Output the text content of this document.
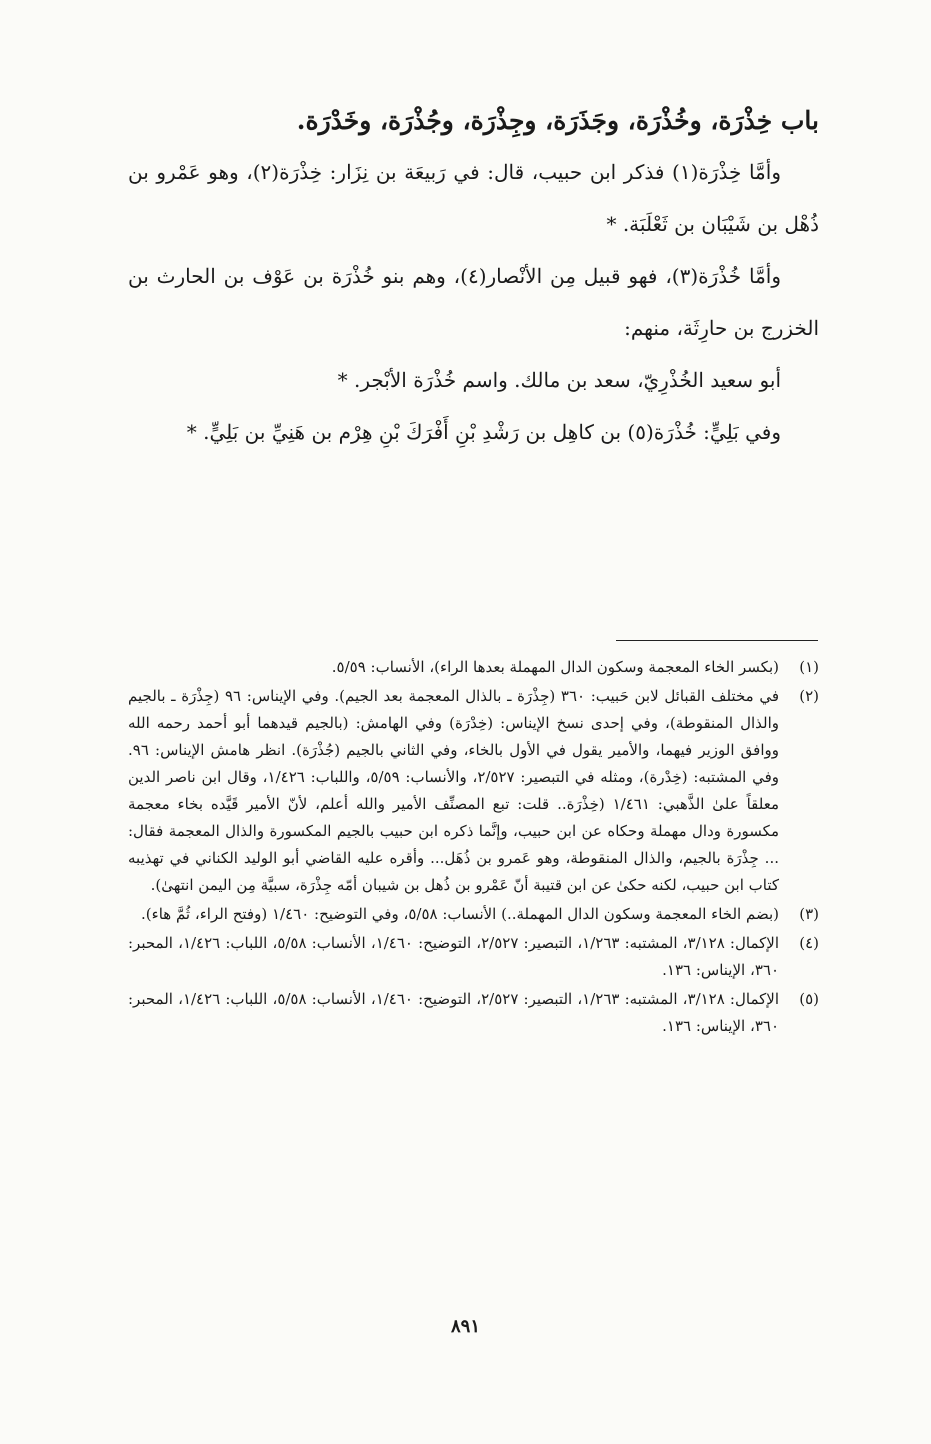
باب خِذْرَة، وخُذْرَة، وجَذَرَة، وجِذْرَة، وجُذْرَة، وخَدْرَة.

وأمَّا خِذْرَة(١) فذكر ابن حبيب، قال: في رَبيعَة بن نِزَار: خِذْرَة(٢)، وهو عَمْرو بن ذُهْل بن شَيْبَان بن ثَعْلَبَة. *

وأمَّا خُذْرَة(٣)، فهو قبيل مِن الأنْصار(٤)، وهم بنو خُذْرَة بن عَوْف بن الحارث بن الخزرج بن حارِثَة، منهم:

أبو سعيد الخُذْرِيّ، سعد بن مالك. واسم خُذْرَة الأبْجر. *

وفي بَلِيٍّ: خُذْرَة(٥) بن كاهِل بن رَشْدِ بْنِ أَفْرَكَ بْنِ هِرْم بن هَنِيِّ بن بَلِيٍّ. *

(١)
(بكسر الخاء المعجمة وسكون الدال المهملة بعدها الراء)، الأنساب: ٥/٥٩.

(٢)
في مختلف القبائل لابن حَبيب: ٣٦٠ (جِذْرَة ـ بالذال المعجمة بعد الجيم). وفي الإيناس: ٩٦ (جِذْرَة ـ بالجيم والذال المنقوطة)، وفي إحدى نسخ الإيناس: (خِدْرَة) وفي الهامش: (بالجيم قيدهما أبو أحمد رحمه الله ووافق الوزير فيهما، والأمير يقول في الأول بالخاء، وفي الثاني بالجيم (جُذْرَة). انظر هامش الإيناس: ٩٦. وفي المشتبه: (خِدْرة)، ومثله في التبصير: ٢/٥٢٧، والأنساب: ٥/٥٩، واللباب: ١/٤٢٦، وقال ابن ناصر الدين معلقاً علىٰ الذَّهبي: ١/٤٦١ (خِذْرَة.. قلت: تبع المصنِّف الأمير والله أعلم، لأنّ الأمير قَيَّده بخاء معجمة مكسورة ودال مهملة وحكاه عن ابن حبيب، وإنَّما ذكره ابن حبيب بالجيم المكسورة والذال المعجمة فقال: ... جِذْرَة بالجيم، والذال المنقوطة، وهو عَمرو بن ذُهَل... وأقره عليه القاضي أبو الوليد الكناني في تهذيبه كتاب ابن حبيب، لكنه حكىٰ عن ابن قتيبة أنّ عَمْرو بن ذُهل بن شيبان أمّه جِذْرَة، سبيَّة مِن اليمن انتهىٰ).

(٣)
(بضم الخاء المعجمة وسكون الدال المهملة..) الأنساب: ٥/٥٨، وفي التوضيح: ١/٤٦٠ (وفتح الراء، ثُمَّ هاء).

(٤)
الإكمال: ٣/١٢٨، المشتبه: ١/٢٦٣، التبصير: ٢/٥٢٧، التوضيح: ١/٤٦٠، الأنساب: ٥/٥٨، اللباب: ١/٤٢٦، المحبر: ٣٦٠، الإيناس: ١٣٦.

(٥)
الإكمال: ٣/١٢٨، المشتبه: ١/٢٦٣، التبصير: ٢/٥٢٧، التوضيح: ١/٤٦٠، الأنساب: ٥/٥٨، اللباب: ١/٤٢٦، المحبر: ٣٦٠، الإيناس: ١٣٦.

٨٩١
